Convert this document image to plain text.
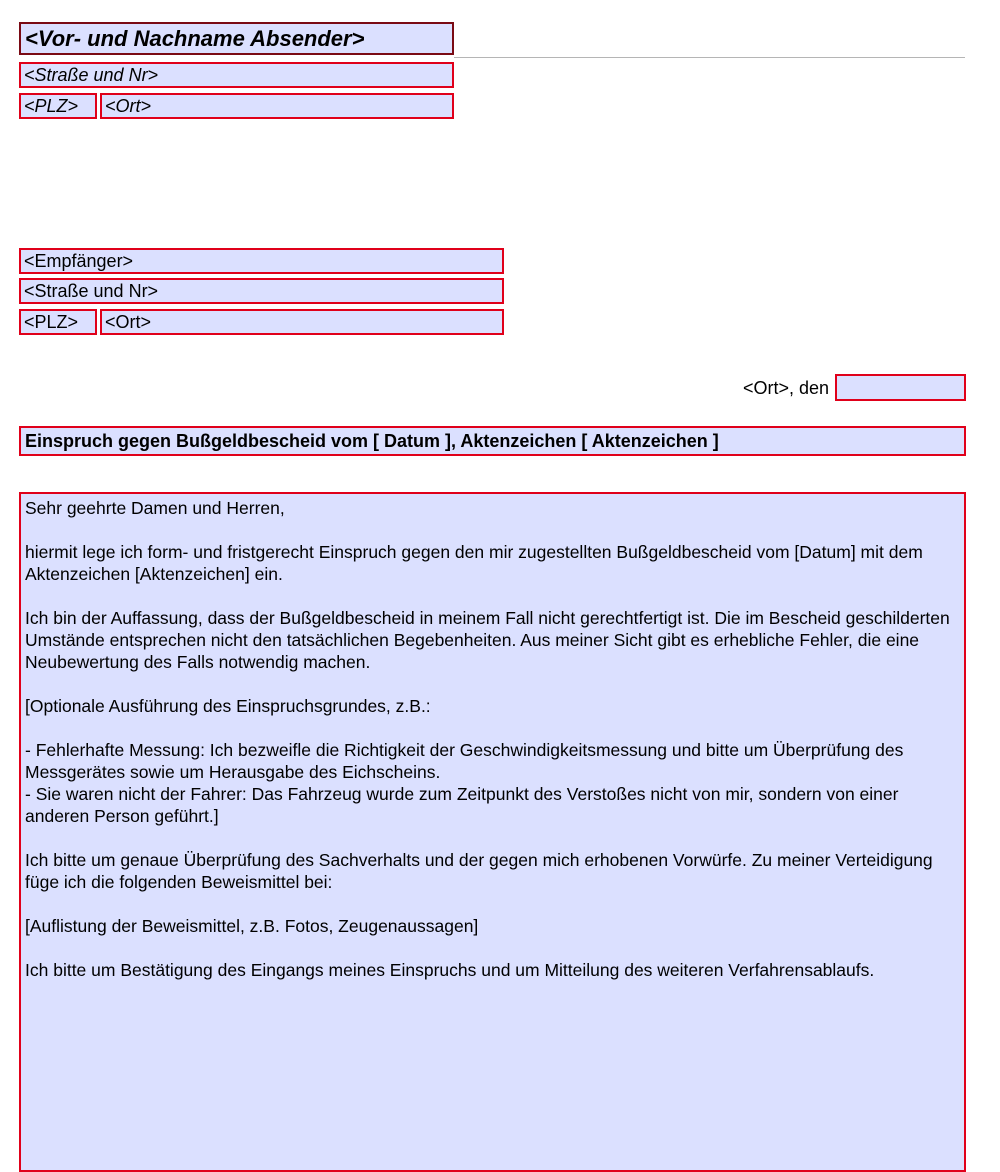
<Vor- und Nachname Absender>
<Straße und Nr>
<PLZ>	<Ort>
<Empfänger>
<Straße und Nr>
<PLZ>	<Ort>
<Ort>, den
Einspruch gegen Bußgeldbescheid vom [ Datum ], Aktenzeichen [ Aktenzeichen ]

Sehr geehrte Damen und Herren,

hiermit lege ich form- und fristgerecht Einspruch gegen den mir zugestellten Bußgeldbescheid vom [Datum] mit dem Aktenzeichen [Aktenzeichen] ein.

Ich bin der Auffassung, dass der Bußgeldbescheid in meinem Fall nicht gerechtfertigt ist. Die im Bescheid geschilderten Umstände entsprechen nicht den tatsächlichen Begebenheiten. Aus meiner Sicht gibt es erhebliche Fehler, die eine Neubewertung des Falls notwendig machen.

[Optionale Ausführung des Einspruchsgrundes, z.B.:

- Fehlerhafte Messung: Ich bezweifle die Richtigkeit der Geschwindigkeitsmessung und bitte um Überprüfung des Messgerätes sowie um Herausgabe des Eichscheins.

- Sie waren nicht der Fahrer: Das Fahrzeug wurde zum Zeitpunkt des Verstoßes nicht von mir, sondern von einer anderen Person geführt.]

Ich bitte um genaue Überprüfung des Sachverhalts und der gegen mich erhobenen Vorwürfe. Zu meiner Verteidigung füge ich die folgenden Beweismittel bei:

[Auflistung der Beweismittel, z.B. Fotos, Zeugenaussagen]

Ich bitte um Bestätigung des Eingangs meines Einspruchs und um Mitteilung des weiteren Verfahrensablaufs.
